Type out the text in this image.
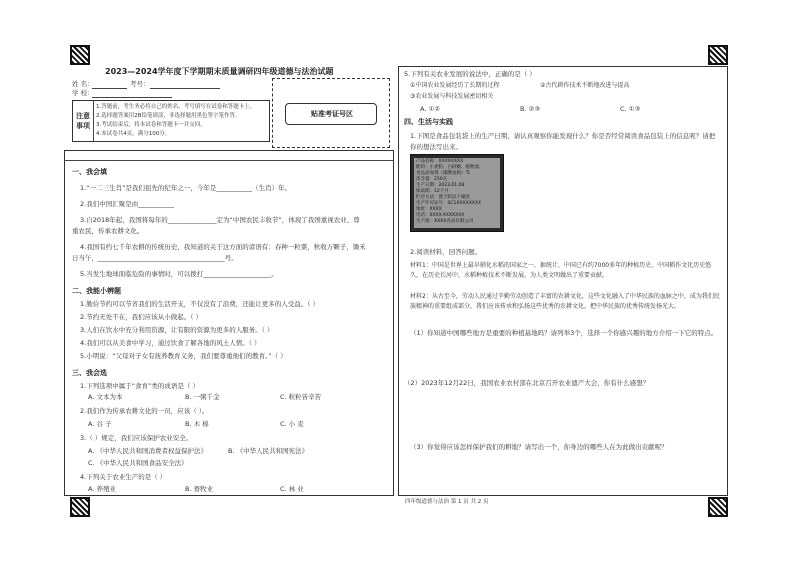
2023—2024学年度下学期期末质量调研四年级道德与法治试题
姓 名：	考号：
学 校：
注意
事项
1.答题前，考生务必将自己的姓名、考号填写在试卷和答题卡上。
2.选择题答案用2B铅笔填涂，非选择题用黑色签字笔作答。
3.考试结束后，将本试卷和答题卡一并交回。
4.本试卷共4页，满分100分。
贴准考证号区
一、我会填
1.“一二三生肖”是我们祖先的纪年之一，今年是___________（生肖）年。
2.我们中国汇聚是由___________
3.自2018年起，我国将每年的_______________定为“中国农民丰收节”，体现了我国重视农业、尊
重农民，传承农耕文化。
4.我国有约七千年农耕的传统历史，我知道的关于这方面的谚语有：春种一粒粟，秋收万颗子，锄禾
日当午，_______________________________________号。
5.当发生地球面临危险的事情时，可以拨打_____________________。
二、我能小辨题
1.勤俭节约可以节省我们的生活开支，不仅没有了浪费，还能让更多的人受益。（ ）
2.节约无处不在，我们应该从小做起。（ ）
3.人们在饮水中充分利用资源，让有限的资源为更多的人服务。（ ）
4.我们可以从美食中学习，通过饮食了解各地的风土人情。（ ）
5.小明说：“父母对子女有抚养教育义务，我们要尊重他们的教育。”（ ）
三、我会选
1.下列选项中属于“食育”类的成语是（ ）
A. 文本为本	B. 一粥千金	C. 粒粒皆辛苦
2.我们作为传承农耕文化的一员，应该（ ）。
A. 谷 子	B. 木 棉	C. 小 麦
3.（ ）规定，我们应该保护农业安全。
A. 《中华人民共和国消费者权益保护法》	B. 《中华人民共和国宪法》
C. 《中华人民共和国食品安全法》
4.下列关于农业生产的是（ ）
A. 养殖业	B. 畜牧业	C. 林 业
5.下列有关农业发展的说法中，正确的是（ ）
①中国农业发展经历了长期的过程	②古代耕作技术不断地改进与提高
③农业发展与科技发展密切相关
A. ①②	B. ②③	C. ①③
四、生活与实践
1.下图是食品包装袋上的生产日期，请认真观察你能发现什么？你是否经常阅读食品包装上的信息呢？请把你的想法写出来。
产品名称：XXXXXXXX
配料：小麦粉、白砂糖、植物油、
食品添加剂（碳酸氢钠）等
净含量：250克
生产日期：2023.01.08
保质期：12个月
贮存方法：置于阴凉干燥处
生产许可证号：SC1XXXXXXXX
地址：XXXX
电话：0XXX-XXXXXXX
生产商：XXXX食品有限公司
2.阅读材料，回答问题。
材料1：中国是世界上最早驯化水稻的国家之一，据统计，中国已有约7000多年的种植历史，中国稻作文化历史悠久，在历史长河中，水稻种植技术不断发展，为人类文明做出了重要贡献。
材料2：从古至今，劳动人民通过辛勤劳动创造了丰富的农耕文化，这些文化融入了中华民族的血脉之中，成为我们民族精神的重要组成部分，我们应该传承和弘扬这些优秀的农耕文化，把中华民族的优秀传统发扬光大。
（1）你知道中国哪些地方是重要的种植基地吗？请列举3个，选择一个你感兴趣的地方介绍一下它的特点。
（2）2023年12月22日，我国农业农村部在北京召开农业遗产大会，你有什么感想？
（3）你觉得应该怎样保护我们的耕地？请写出一个，你身边的哪些人在为此做出贡献呢？
四年级道德与法治 第 1 页 共 2 页
